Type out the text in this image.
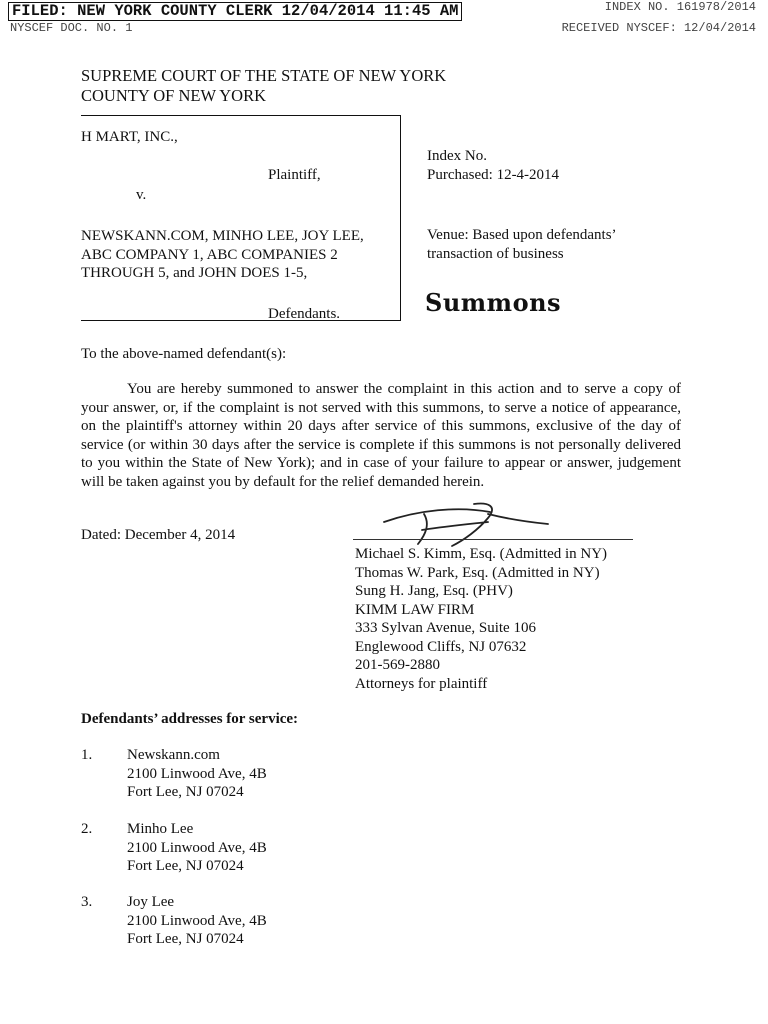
FILED: NEW YORK COUNTY CLERK 12/04/2014 11:45 AM	INDEX NO. 161978/2014
NYSCEF DOC. NO. 1	RECEIVED NYSCEF: 12/04/2014
SUPREME COURT OF THE STATE OF NEW YORK
COUNTY OF NEW YORK
H MART, INC.,
Plaintiff,
v.
NEWSKANN.COM, MINHO LEE, JOY LEE,
ABC COMPANY 1, ABC COMPANIES 2
THROUGH 5, and JOHN DOES 1-5,
Defendants.
Index No.
Purchased: 12-4-2014
Venue: Based upon defendants’
transaction of business
Summons
To the above-named defendant(s):
You are hereby summoned to answer the complaint in this action and to serve a copy of your answer, or, if the complaint is not served with this summons, to serve a notice of appearance, on the plaintiff's attorney within 20 days after service of this summons, exclusive of the day of service (or within 30 days after the service is complete if this summons is not personally delivered to you within the State of New York); and in case of your failure to appear or answer, judgement will be taken against you by default for the relief demanded herein.
Dated: December 4, 2014
Michael S. Kimm, Esq. (Admitted in NY)
Thomas W. Park, Esq. (Admitted in NY)
Sung H. Jang, Esq. (PHV)
KIMM LAW FIRM
333 Sylvan Avenue, Suite 106
Englewood Cliffs, NJ 07632
201-569-2880
Attorneys for plaintiff
Defendants’ addresses for service:
1. Newskann.com
2100 Linwood Ave, 4B
Fort Lee, NJ 07024
2. Minho Lee
2100 Linwood Ave, 4B
Fort Lee, NJ 07024
3. Joy Lee
2100 Linwood Ave, 4B
Fort Lee, NJ 07024
